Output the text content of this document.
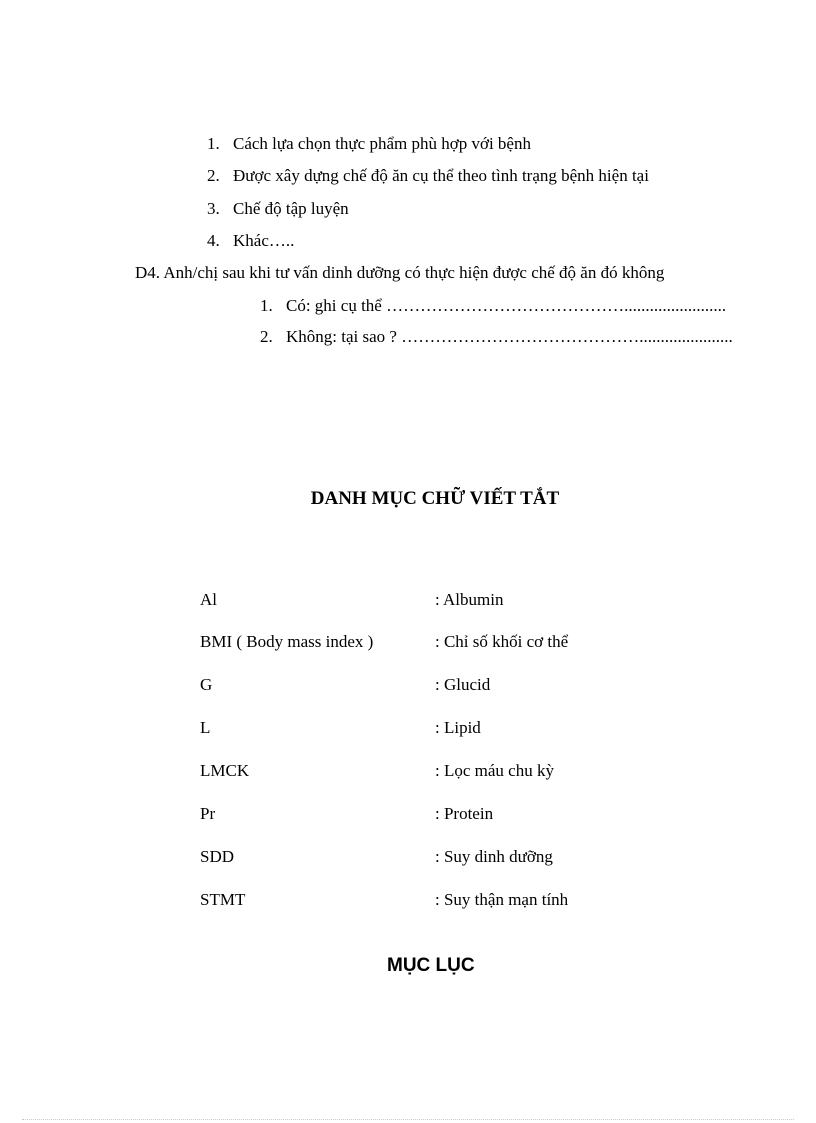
1. Cách lựa chọn thực phẩm phù hợp với bệnh
2. Được xây dựng chế độ ăn cụ thể theo tình trạng bệnh hiện tại
3. Chế độ tập luyện
4. Khác…..
D4. Anh/chị sau khi tư vấn dinh dưỡng có thực hiện được chế độ ăn đó không
1. Có: ghi cụ thể ……………………………………........................
2. Không: tại sao ? ……………………………………......................
DANH MỤC CHỮ VIẾT TẮT
Al	: Albumin
BMI ( Body mass index )	: Chỉ số khối cơ thể
G	: Glucid
L	: Lipid
LMCK	: Lọc máu chu kỳ
Pr	: Protein
SDD	: Suy dinh dưỡng
STMT	: Suy thận mạn tính
MỤC LỤC
